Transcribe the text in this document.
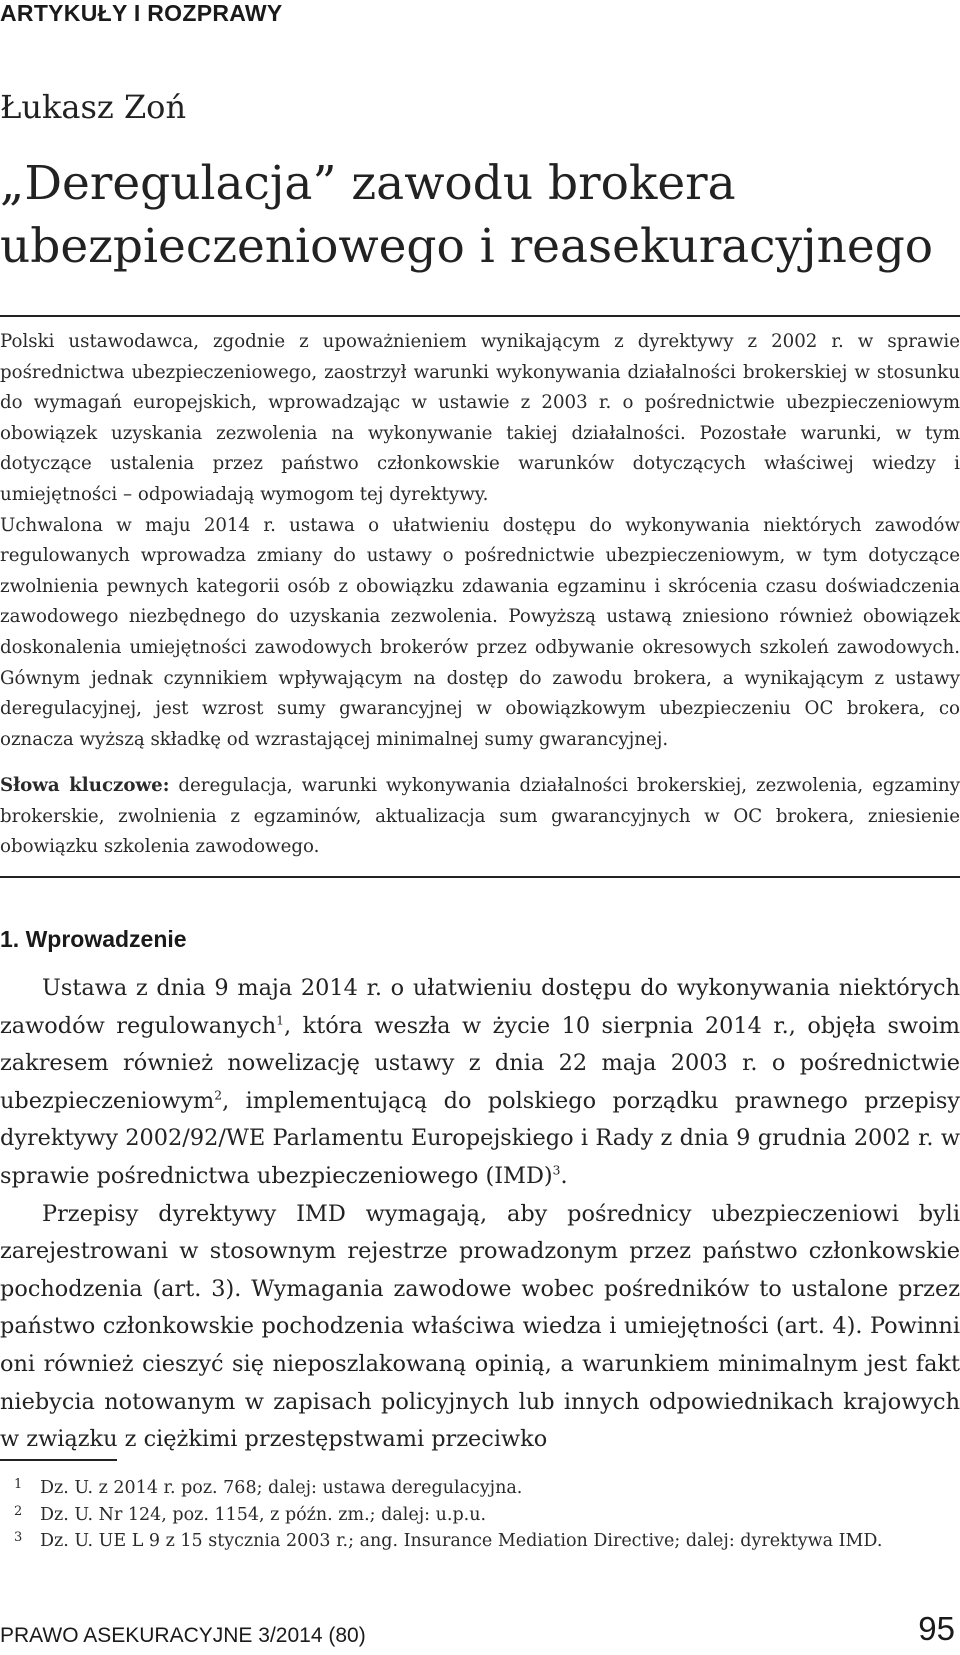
ARTYKUŁY I ROZPRAWY
Łukasz Zoń
„Deregulacja” zawodu brokera ubezpieczeniowego i reasekuracyjnego

Polski ustawodawca, zgodnie z upoważnieniem wynikającym z dyrektywy z 2002 r. w sprawie pośrednictwa ubezpieczeniowego, zaostrzył warunki wykonywania działalności brokerskiej w stosunku do wymagań europejskich, wprowadzając w ustawie z 2003 r. o pośrednictwie ubezpieczeniowym obowiązek uzyskania zezwolenia na wykonywanie takiej działalności. Pozostałe warunki, w tym dotyczące ustalenia przez państwo członkowskie warunków dotyczących właściwej wiedzy i umiejętności – odpowiadają wymogom tej dyrektywy.

Uchwalona w maju 2014 r. ustawa o ułatwieniu dostępu do wykonywania niektórych zawodów regulowanych wprowadza zmiany do ustawy o pośrednictwie ubezpieczeniowym, w tym dotyczące zwolnienia pewnych kategorii osób z obowiązku zdawania egzaminu i skrócenia czasu doświadczenia zawodowego niezbędnego do uzyskania zezwolenia. Powyższą ustawą zniesiono również obowiązek doskonalenia umiejętności zawodowych brokerów przez odbywanie okresowych szkoleń zawodowych. Gównym jednak czynnikiem wpływającym na dostęp do zawodu brokera, a wynikającym z ustawy deregulacyjnej, jest wzrost sumy gwarancyjnej w obowiązkowym ubezpieczeniu OC brokera, co oznacza wyższą składkę od wzrastającej minimalnej sumy gwarancyjnej.

Słowa kluczowe: deregulacja, warunki wykonywania działalności brokerskiej, zezwolenia, egzaminy brokerskie, zwolnienia z egzaminów, aktualizacja sum gwarancyjnych w OC brokera, zniesienie obowiązku szkolenia zawodowego.
1. Wprowadzenie

Ustawa z dnia 9 maja 2014 r. o ułatwieniu dostępu do wykonywania niektórych zawodów regulowanych$^1$, która weszła w życie 10 sierpnia 2014 r., objęła swoim zakresem również nowelizację ustawy z dnia 22 maja 2003 r. o pośrednictwie ubezpieczeniowym$^2$, implementującą do polskiego porządku prawnego przepisy dyrektywy 2002/92/WE Parlamentu Europejskiego i Rady z dnia 9 grudnia 2002 r. w sprawie pośrednictwa ubezpieczeniowego (IMD)$^3$.

Przepisy dyrektywy IMD wymagają, aby pośrednicy ubezpieczeniowi byli zarejestrowani w stosownym rejestrze prowadzonym przez państwo członkowskie pochodzenia (art. 3). Wymagania zawodowe wobec pośredników to ustalone przez państwo członkowskie pochodzenia właściwa wiedza i umiejętności (art. 4). Powinni oni również cieszyć się nieposzlakowaną opinią, a warunkiem minimalnym jest fakt niebycia notowanym w zapisach policyjnych lub innych odpowiednikach krajowych w związku z ciężkimi przestępstwami przeciwko

1 Dz. U. z 2014 r. poz. 768; dalej: ustawa deregulacyjna.
2 Dz. U. Nr 124, poz. 1154, z późn. zm.; dalej: u.p.u.
3 Dz. U. UE L 9 z 15 stycznia 2003 r.; ang. Insurance Mediation Directive; dalej: dyrektywa IMD.
PRAWO ASEKURACYJNE 3/2014 (80)	95
